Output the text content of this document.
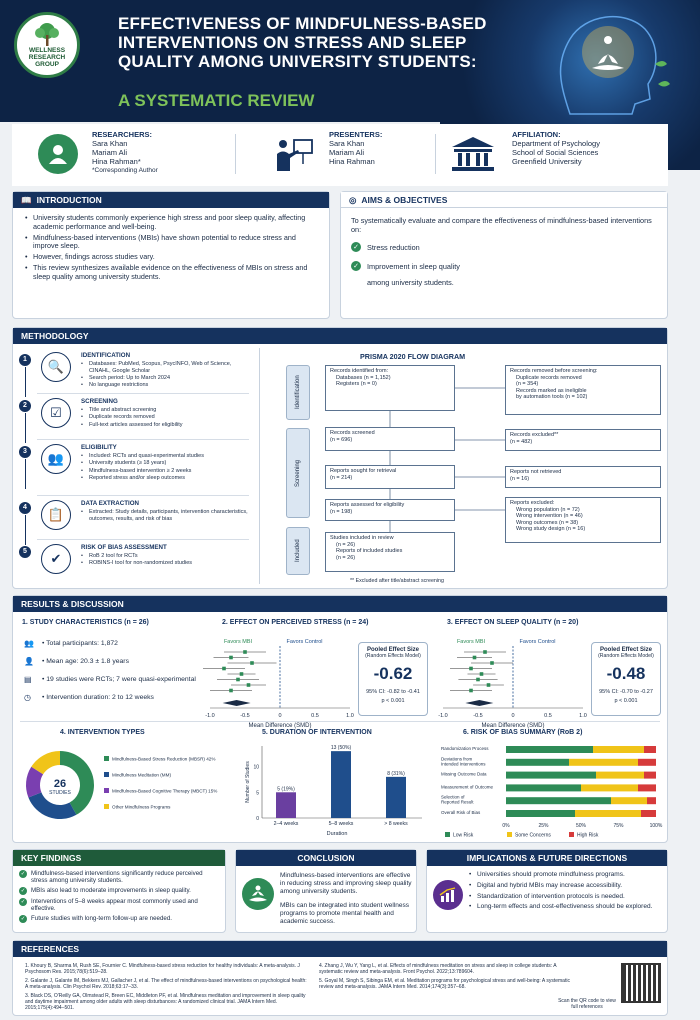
WELLNESS RESEARCH GROUP
EFFECT!VENESS OF MINDFULNESS-BASED INTERVENTIONS ON STRESS AND SLEEP QUALITY AMONG UNIVERSITY STUDENTS:
A SYSTEMATIC REVIEW
RESEARCHERS:
Sara Khan
Mariam Ali
Hina Rahman*
*Corresponding Author
PRESENTERS:
Sara Khan
Mariam Ali
Hina Rahman
AFFILIATION:
Department of Psychology
School of Social Sciences
Greenfield University
📖 INTRODUCTION
• University students commonly experience high stress and poor sleep quality, affecting academic performance and well-being.
• Mindfulness-based interventions (MBIs) have shown potential to reduce stress and improve sleep.
• However, findings across studies vary.
• This review synthesizes available evidence on the effectiveness of MBIs on stress and sleep quality among university students.
◎ AIMS & OBJECTIVES
To systematically evaluate and compare the effectiveness of mindfulness-based interventions on:
✓ Stress reduction
✓ Improvement in sleep quality
among university students.
METHODOLOGY
1	🔍
IDENTIFICATION
• Databases: PubMed, Scopus, PsycINFO, Web of Science, CINAHL, Google Scholar
• Search period: Up to March 2024
• No language restrictions
2	☑
SCREENING
• Title and abstract screening
• Duplicate records removed
• Full-text articles assessed for eligibility
3	👥
ELIGIBILITY
• Included: RCTs and quasi-experimental studies
• University students (≥ 18 years)
• Mindfulness-based intervention ≥ 2 weeks
• Reported stress and/or sleep outcomes
4	📋
DATA EXTRACTION
• Extracted: Study details, participants, intervention characteristics, outcomes, results, and risk of bias
5	✔
RISK OF BIAS ASSESSMENT
• RoB 2 tool for RCTs
• ROBINS-I tool for non-randomized studies
PRISMA 2020 FLOW DIAGRAM
Identification
Screening
Included
Records identified from:
Databases (n = 1,152)
Registers (n = 0)
Records removed before screening:
Duplicate records removed
(n = 354)
Records marked as ineligible
by automation tools (n = 102)
Records screened
(n = 696)
Records excluded**
(n = 482)
Reports sought for retrieval
(n = 214)
Reports not retrieved
(n = 16)
Reports assessed for eligibility
(n = 198)
Reports excluded:
Wrong population (n = 72)
Wrong intervention (n = 46)
Wrong outcomes (n = 38)
Wrong study design (n = 16)
Studies included in review
(n = 26)
Reports of included studies
(n = 26)
** Excluded after title/abstract screening
RESULTS & DISCUSSION
1. STUDY CHARACTERISTICS (n = 26)
👥 • Total participants: 1,872
👤 • Mean age: 20.3 ± 1.8 years
▤	• 19 studies were RCTs; 7 were quasi-experimental
◷	• Intervention duration: 2 to 12 weeks
2. EFFECT ON PERCEIVED STRESS (n = 24)	3. EFFECT ON SLEEP QUALITY (n = 20)
-1.0	-0.5	0	0.5	1.0
Mean Difference (SMD)
Favors MBI	Favors Control
-1.0	-0.5	0	0.5	1.0
Mean Difference (SMD)
Favors MBI	Favors Control
Pooled Effect Size
(Random Effects Model)
-0.62
95% CI: -0.82 to -0.41
p < 0.001
Pooled Effect Size
(Random Effects Model)
-0.48
95% CI: -0.70 to -0.27
p < 0.001
4. INTERVENTION TYPES	5. DURATION OF INTERVENTION	6. RISK OF BIAS SUMMARY (RoB 2)
26
STUDIES
Mindfulness-Based Stress Reduction (MBSR) 42%
Mindfulness Meditation (MM)
Mindfulness-Based Cognitive Therapy (MBCT) 15%
Other Mindfulness Programs
0
5
10
Number of Studies	5 (19%)
2–4 weeks
13 (50%)
5–8 weeks
8 (31%)
> 8 weeks
Duration
Randomization Process
Deviations from
Intended Interventions
Missing Outcome Data
Measurement of Outcome
Selection of
Reported Result
Overall Risk of Bias
0%	25%	50%	75%	100%
Low Risk	Some Concerns	High Risk
KEY FINDINGS
✓ Mindfulness-based interventions significantly reduce perceived stress among university students.
✓ MBIs also lead to moderate improvements in sleep quality.
✓ Interventions of 5–8 weeks appear most commonly used and effective.
✓ Future studies with long-term follow-up are needed.
CONCLUSION
Mindfulness-based interventions are effective in reducing stress and improving sleep quality among university students.
MBIs can be integrated into student wellness programs to promote mental health and academic success.
IMPLICATIONS & FUTURE DIRECTIONS
• Universities should promote mindfulness programs.
• Digital and hybrid MBIs may increase accessibility.
• Standardization of intervention protocols is needed.
• Long-term effects and cost-effectiveness should be explored.
REFERENCES
1. Khoury B, Sharma M, Rush SE, Fournier C. Mindfulness-based stress reduction for healthy individuals: A meta-analysis. J Psychosom Res. 2015;78(6):519–28.
2. Galante J, Galante IM, Bekkers MJ, Gallacher J, et al. The effect of mindfulness-based interventions on psychological health: A meta-analysis. Clin Psychol Rev. 2018;63:17–33.
3. Black DS, O'Reilly GA, Olmstead R, Breen EC, Middleton PF, et al. Mindfulness meditation and improvement in sleep quality and daytime impairment among older adults with sleep disturbances: A randomized clinical trial. JAMA Intern Med. 2015;175(4):494–501.
4. Zhang J, Wu Y, Yang L, et al. Effects of mindfulness meditation on stress and sleep in college students: A systematic review and meta-analysis. Front Psychol. 2022;13:789604.
5. Goyal M, Singh S, Sibinga EM, et al. Meditation programs for psychological stress and well-being: A systematic review and meta-analysis. JAMA Intern Med. 2014;174(3):357–68.
Scan the QR code to view full references
